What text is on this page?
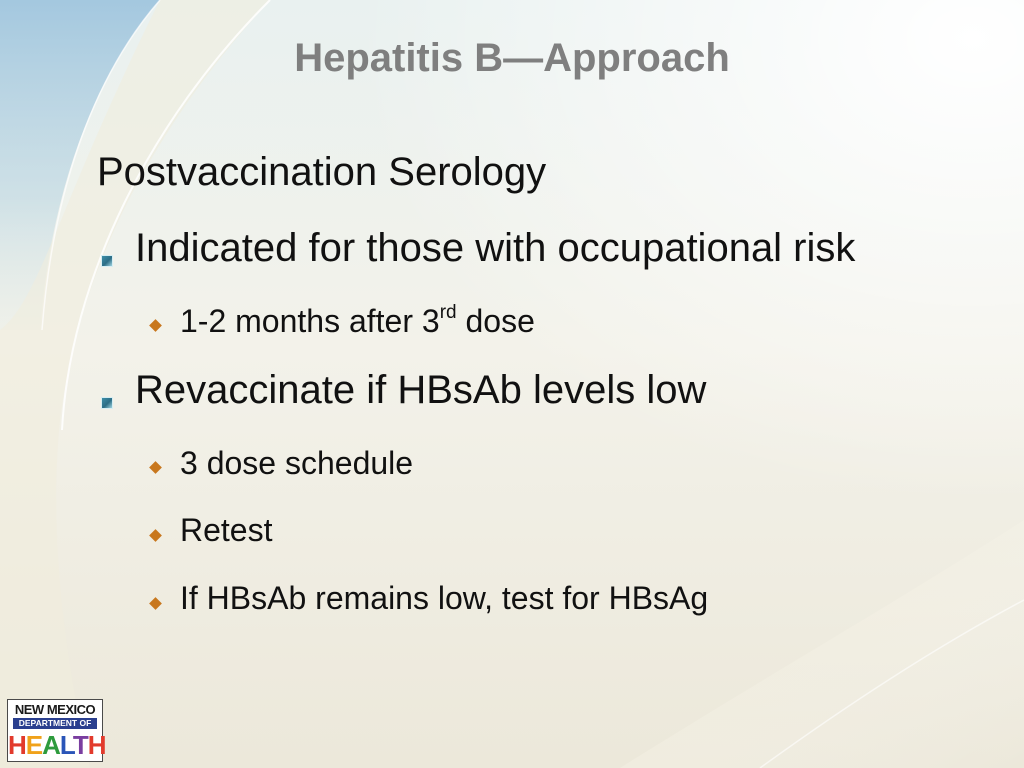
Hepatitis B—Approach
Postvaccination Serology
Indicated for those with occupational risk
1-2 months after 3rd dose
Revaccinate if HBsAb levels low
3 dose schedule
Retest
If HBsAb remains low, test for HBsAg
NEW MEXICO
DEPARTMENT OF
HEALTH
